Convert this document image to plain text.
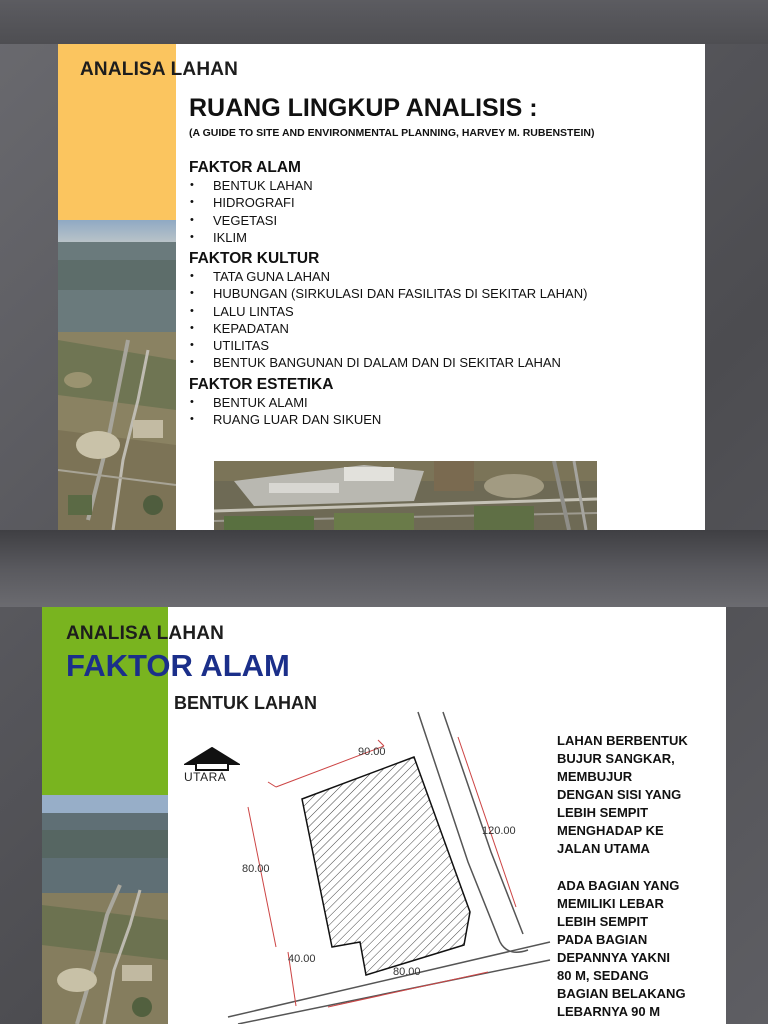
ANALISA LAHAN
RUANG LINGKUP ANALISIS :
(A GUIDE TO SITE AND ENVIRONMENTAL PLANNING, HARVEY M. RUBENSTEIN)
FAKTOR ALAM
• BENTUK LAHAN
• HIDROGRAFI
• VEGETASI
• IKLIM
FAKTOR KULTUR
• TATA GUNA LAHAN
• HUBUNGAN (SIRKULASI DAN FASILITAS DI SEKITAR LAHAN)
• LALU LINTAS
• KEPADATAN
• UTILITAS
• BENTUK BANGUNAN DI DALAM DAN DI SEKITAR LAHAN
FAKTOR ESTETIKA
• BENTUK ALAMI
• RUANG LUAR DAN SIKUEN
ANALISA LAHAN
FAKTOR ALAM
BENTUK LAHAN
UTARA
90.00
120.00
80.00
40.00
80.00

LAHAN BERBENTUK

BUJUR SANGKAR,

MEMBUJUR

DENGAN SISI YANG

LEBIH SEMPIT

MENGHADAP KE

JALAN UTAMA

ADA BAGIAN YANG

MEMILIKI LEBAR

LEBIH SEMPIT

PADA BAGIAN

DEPANNYA YAKNI

80 M, SEDANG

BAGIAN BELAKANG

LEBARNYA 90 M
